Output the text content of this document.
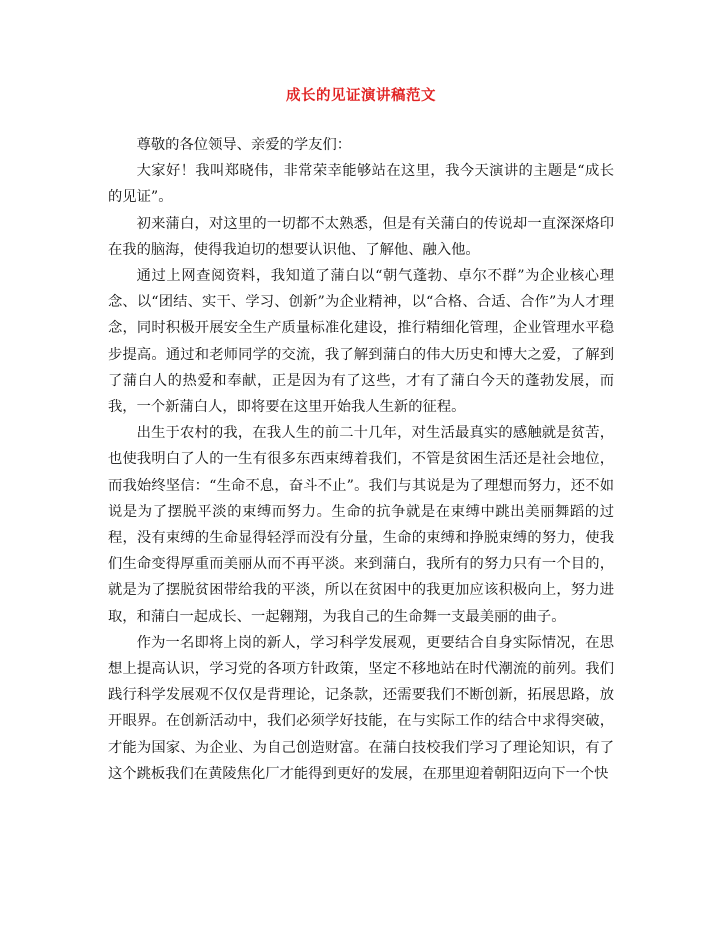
成长的见证演讲稿范文

尊敬的各位领导、亲爱的学友们：

大家好！我叫郑晓伟，非常荣幸能够站在这里，我今天演讲的主题是“成长的见证”。

初来蒲白，对这里的一切都不太熟悉，但是有关蒲白的传说却一直深深烙印在我的脑海，使得我迫切的想要认识他、了解他、融入他。

通过上网查阅资料，我知道了蒲白以“朝气蓬勃、卓尔不群”为企业核心理念、以“团结、实干、学习、创新”为企业精神，以“合格、合适、合作”为人才理念，同时积极开展安全生产质量标准化建设，推行精细化管理，企业管理水平稳步提高。通过和老师同学的交流，我了解到蒲白的伟大历史和博大之爱，了解到了蒲白人的热爱和奉献，正是因为有了这些，才有了蒲白今天的蓬勃发展，而我，一个新蒲白人，即将要在这里开始我人生新的征程。

出生于农村的我，在我人生的前二十几年，对生活最真实的感触就是贫苦，也使我明白了人的一生有很多东西束缚着我们，不管是贫困生活还是社会地位，而我始终坚信：“生命不息，奋斗不止”。我们与其说是为了理想而努力，还不如说是为了摆脱平淡的束缚而努力。生命的抗争就是在束缚中跳出美丽舞蹈的过程，没有束缚的生命显得轻浮而没有分量，生命的束缚和挣脱束缚的努力，使我们生命变得厚重而美丽从而不再平淡。来到蒲白，我所有的努力只有一个目的，就是为了摆脱贫困带给我的平淡，所以在贫困中的我更加应该积极向上，努力进取，和蒲白一起成长、一起翱翔，为我自己的生命舞一支最美丽的曲子。

作为一名即将上岗的新人，学习科学发展观，更要结合自身实际情况，在思想上提高认识，学习党的各项方针政策，坚定不移地站在时代潮流的前列。我们践行科学发展观不仅仅是背理论，记条款，还需要我们不断创新，拓展思路，放开眼界。在创新活动中，我们必须学好技能，在与实际工作的结合中求得突破，才能为国家、为企业、为自己创造财富。在蒲白技校我们学习了理论知识，有了这个跳板我们在黄陵焦化厂才能得到更好的发展，在那里迎着朝阳迈向下一个快
